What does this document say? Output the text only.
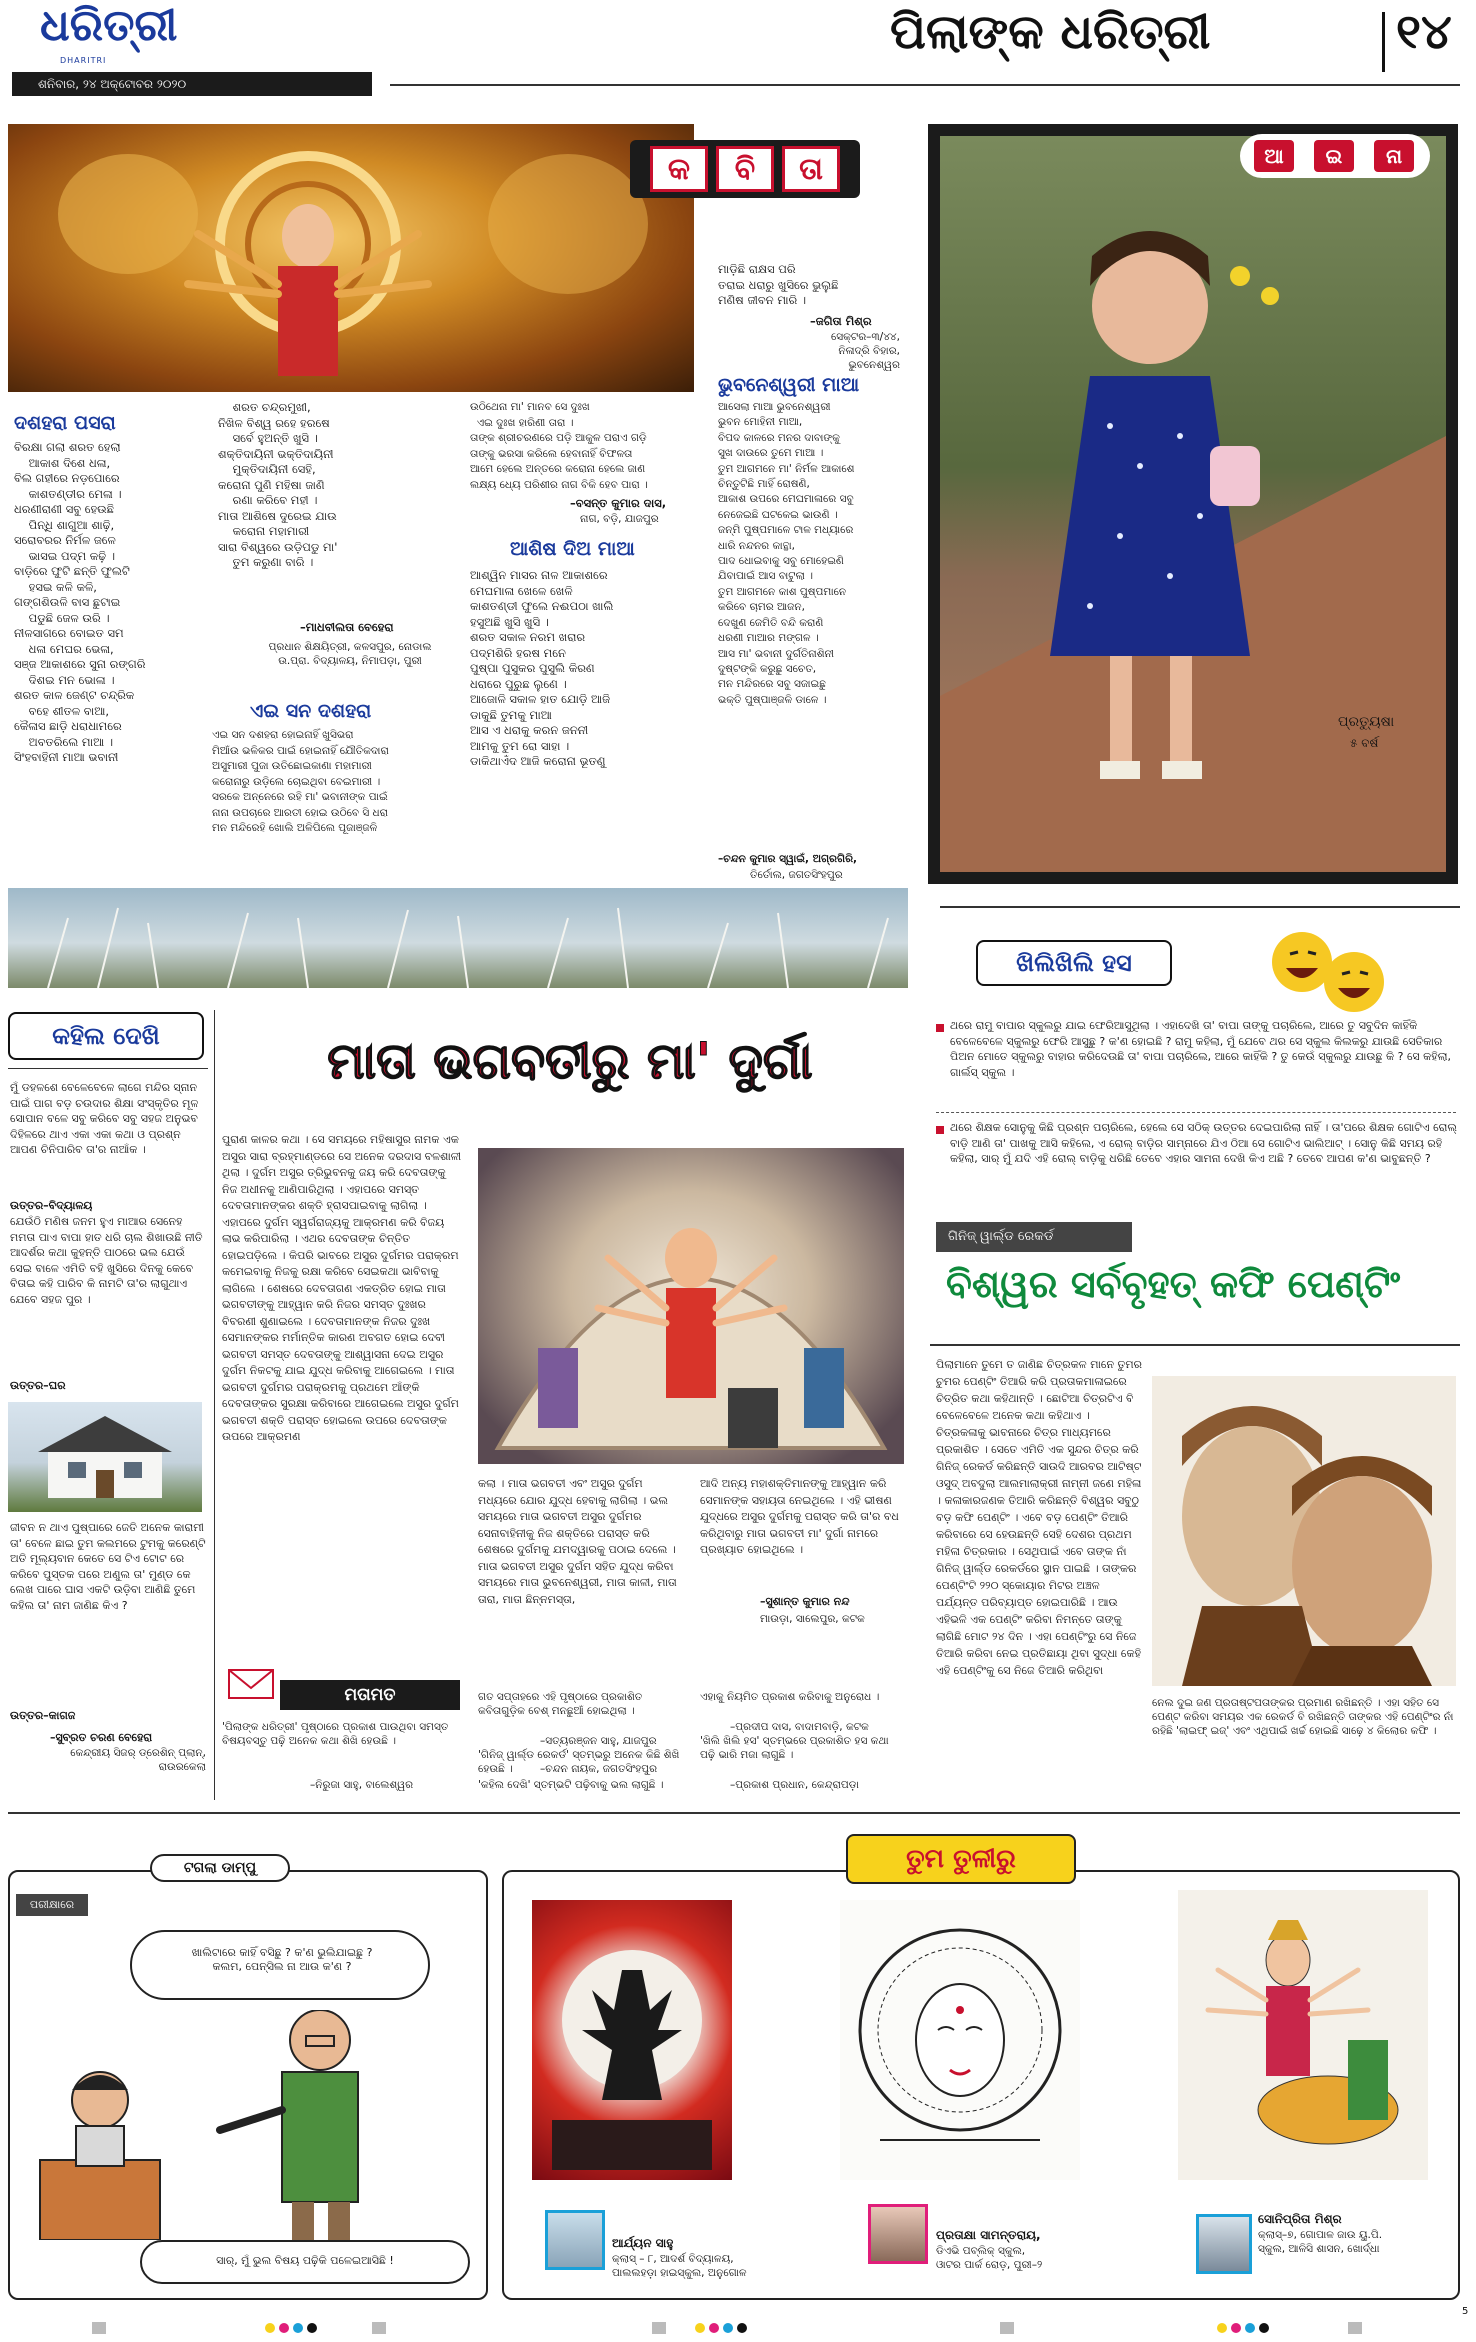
ଧରିତ୍ରୀ
DHARITRI
ଶନିବାର, ୨୪ ଅକ୍ଟୋବର ୨୦୨୦
ପିଲାଙ୍କ ଧରିତ୍ରୀ	୧୪
କ	ବି	ତା
ଦଶହରା ପସରା
ବିରକ୍ଷା ଗଲା ଶରତ ହେଲା
ଆକାଶ ଦିଶେ ଧଳା,
ବିଲ ଗହୀରେ ନଡ଼ପୋରେ
କାଶତଣ୍ଡୀର ମେଳା ।
ଧରଣୀରାଣୀ ସବୁ ହେଉଛି
ପିନ୍ଧି ଶାଗୁଆ ଶାଢ଼ି,
ସରୋବରର ନିର୍ମଳ ଜଳେ
ଭାସଇ ପଦ୍ମ କଢ଼ି ।
ବାଡ଼ିରେ ଫୁଟି ଛନ୍ତି ଫୁଲଟି
ହସଇ କଳି କଳି,
ଗଙ୍ଗଶିଉଳି ବାସ ଛୁଟାଇ
ପଡୁଛି ଜେଳ ଉରି ।
ନୀଳସାଗରେ ବୋଇତ ସମ
ଧଳା ମେଘର ଭେଳା,
ସଞ୍ଜ ଆକାଶରେ ସୁନା ରଙ୍ଗରି
ଦିଶଇ ମନ ଭୋଳା ।
ଶରତ କାଳ ଜେଣ୍ଟ ଚନ୍ଦ୍ରିକ
ବହେ ଶୀତଳ ବାଆ,
କୈଳାସ ଛାଡ଼ି ଧରାଧାମରେ
ଅବତରିଲେ ମାଆ ।
ସିଂହବାହିନୀ ମାଆ ଭବାନୀ
ଶରତ ଚନ୍ଦ୍ରମୁଖୀ,
ନିଖିଳ ବିଶ୍ୱ ରହେ ହରଷେ
ସର୍ବେ ହୁଅନ୍ତି ଖୁସି ।
ଶକ୍ତିଦାୟିନୀ ଭକ୍ତିଦାୟିନୀ
ମୁକ୍ତିଦାୟିନୀ ସେହି,
କରୋନା ପୁଣି ମହିଷା ଜାଣି
ରଣା କରିବେ ମହୀ ।
ମାତା ଆଶିଷେ ଦୁରେଇ ଯାଉ
କରୋନା ମହାମାରୀ
ସାରା ବିଶ୍ୱରେ ଉଡ଼ିପଡୁ ମା'
ତୁମ କରୁଣା ବାରି ।
–ମାଧବୀଲତା ବେହେରା
ପ୍ରଧାନ ଶିକ୍ଷୟିତ୍ରୀ, କଳସପୁର, ନୋଡାଲ
ଉ.ପ୍ରା. ବିଦ୍ୟାଳୟ, ନିମାପଡ଼ା, ପୁରୀ
ଏଇ ସନ ଦଶହରା
ଏଇ ସନ ଦଶହରା ହୋଇନାହିଁ ଖୁସିଭରା
ମିଆଁଉ ଭଳିକର ପାଇଁ ହୋଇନାହିଁ ଯୌତିକଦାରା
ଅସୁମାରୀ ପୁଜା ଉତିଛୋଇକାଣା ମହାମାରୀ
କରୋନାରୁ ଉଡ଼ିଲେ ଚୋଇଥିବା ବେଇମାରୀ ।
ସରକେ ଅନ୍ନେରେ ରହି ମା' ଭବାନୀଙ୍କ ପାଇଁ
ନାନା ଉପଚାରେ ଆରତୀ ହୋଇ ଉଠିବେ ସି ଧରା
ମନ ମନ୍ଦିରେହି ଖୋଲି ଅଳିପିଲେ ପୂଜାଞ୍ଜଳି
ଉଠିଥେନା ମା' ମାନବ ସେ ଦୁଃଖ
ଏଇ ଦୁଃଖ ହାରିଣୀ ତାରା ।
ତାଙ୍କ ଶ୍ରୀଚରଣରେ ପଡ଼ି ଆକୁଳ ପରାଏ ଗଡ଼ି
ତାଙ୍କୁ ଭରସା କରିଲେ ହେବାନାହିଁ ବିଫଳତା
ଆମେ ହେଲେ ଅନ୍ତରେ କରୋନା ହେଲେ ଜାଣ
ଲକ୍ଷ୍ୟ ଧ୍ୟେ ପରିଶୀର ନାଗ ବିକି ହେବ ପାରା ।
–ବସନ୍ତ କୁମାର ଦାସ,
ନାଗ, ବଡ଼ି, ଯାଜପୁର
ଆଶିଷ ଦିଅ ମାଆ
ଆଶ୍ୱିନ ମାସର ନାଳ ଆକାଶରେ
ମେଘମାଳା ଖେଳେ ଖେଳି
କାଶତଣ୍ଡୀ ଫୁଲେ ନଈପଠା ଖାଲି
ହସୁଅଛି ଖୁସି ଖୁସି ।
ଶରତ ସକାଳ ନରମ ଖରାର
ପଦ୍ମଶିରି ହରଷ ମନେ
ପୁଷ୍ପା ପୁସୁକର ପୁସୁଲି କିରଣ
ଧରାରେ ପୁରୁଛ ଲୁଣେ ।
ଆଜୋଳି ସକାଳ ହାତ ଯୋଡ଼ି ଆଜି
ଡାକୁଛି ତୁମକୁ ମାଆ
ଆସ ଏ ଧରାକୁ କରନ ଜନନୀ
ଆମକୁ ତୁମ ରୋ ସାହା ।
ଡାକିଥାଏଁଦ ଆଜି କରୋନା ଭୂତଣୁ
ମାଡ଼ିଛି ରାକ୍ଷସ ପରି
ତରାଇ ଧରାରୁ ଖୁସିରେ ଭୁଲୁଛି
ମଣିଷ ଜୀବନ ମାରି ।
–ଜଗିତା ମିଶ୍ର
ସେକ୍ଟର–୩/୪୪,
ନିଳାଦ୍ରି ବିହାର, ଭୁବନେଶ୍ୱର
ଭୁବନେଶ୍ୱରୀ ମାଆ
ଆସେଲା ମାଆ ଭୁବନେଶ୍ୱରୀ
ଭୁବନ ମୋହିନୀ ମାଆ,
ବିପଦ କାଳରେ ମନର ଦାବାଙ୍କୁ
ସୁଖ ଦାଉରେ ତୁମେ ମାଆ ।
ତୁମ ଆଗମନେ ମା' ନିର୍ମଳ ଆକାଶେ
ଚିନ୍ତୁଟିଛି ମାହିଁ ରୋଷଣି,
ଆକାଶ ଉପରେ ମେଘମାଳାରେ ସବୁ
ନେଜେଇଛି ଘଟକେଇ ଭାଉଣି ।
ଜନ୍ମି ପୁଷ୍ପମାଳେ ଟାଳ ମଧ୍ୟାରେ
ଧାରି ନନ୍ଦନର କାନ୍ଥା,
ପାଦ ଧୋଇବାକୁ ସବୁ ମୋହେଇଣି
ଯିବାପାଇଁ ଆସ ବାଟୁଲା ।
ତୁମ ଆଗମନେ କାଶ ପୁଷ୍ପମାନେ
କରିବେ ଚାମର ଆଜନ,
ଦେଖୁଣ ଜେମିତି ବନ୍ଦି କରାଣି
ଧରଣୀ ମାଆର ମଙ୍ଗଳ ।
ଆସ ମା' ଭବାନୀ ଦୁର୍ଗତିନାଶିନୀ
ଦୁଷ୍ଟଙ୍କି କରୁଛୁ ସଚେତ,
ମନ ମନ୍ଦିରରେ ସବୁ ସଜାଇଛୁ
ଭକ୍ତି ପୁଷ୍ପାଞ୍ଜଳି ଡାଳେ ।
–ଚନ୍ଦନ କୁମାର ସ୍ୱାଇଁ, ଅଗ୍ରଗିରି,
ତିର୍ତୋଲ, ଜଗତସିଂହପୁର
ଆ	ଇ	ନା
ପ୍ରତ୍ୟୁଷା
୫ ବର୍ଷ
ଖିଲିଖିଲି ହସ
ଥରେ ରାମୁ ବାପାର ସ୍କୁଲରୁ ଯାଇ ଫେରିଆସୁଥିଲା । ଏହାଦେଖି ତା' ବାପା ତାଙ୍କୁ ପଚାରିଲେ, ଆରେ ତୁ ସବୁଦିନ କାହିଁକି ବେଳେବେଳେ ସ୍କୁଲରୁ ଫେରି ଆସୁଛୁ ? କ'ଣ ହୋଇଛି ? ରାମୁ କହିଲା, ମୁଁ ଯେବେ ଥର ସେ ସ୍କୁଲ କିଲକରୁ ଯାଉଛି ସେତିକାର ପିଅନ ମୋତେ ସ୍କୁଲରୁ ବାହାର କରିଦେଉଛି ତା' ବାପା ପଚାରିଲେ, ଆରେ କାହିଁକି ? ତୁ କେଉଁ ସ୍କୁଲରୁ ଯାଉଛୁ କି ? ସେ କହିଲା, ଗାର୍ଲସ୍ ସ୍କୁଲ ।
ଥରେ ଶିକ୍ଷକ ସୋନୁକୁ କିଛି ପ୍ରଶ୍ନ ପଚାରିଲେ, ହେଲେ ସେ ସଠିକ୍ ଉତ୍ତର ଦେଇପାରିଲା ନାହିଁ । ତା'ପରେ ଶିକ୍ଷକ ଗୋଟିଏ ରୋଲ୍ ବାଡ଼ି ଆଣି ତା' ପାଖକୁ ଆସି କହିଲେ, ଏ ରୋଲ୍ ବାଡ଼ିର ସାମ୍ନାରେ ଯିଏ ଠିଆ ସେ ଗୋଟିଏ ଭାଲିଆଟ୍ । ସୋନୁ କିଛି ସମୟ ରହି କହିଲା, ସାର୍ ମୁଁ ଯଦି ଏହି ରୋଲ୍ ବାଡ଼ିକୁ ଧରିଛି ତେବେ ଏହାର ସାମନା ଦେଖି କିଏ ଅଛି ? ତେବେ ଆପଣ କ'ଣ ଭାବୁଛନ୍ତି ?
ଗିନିଜ୍ ୱାର୍ଲ୍ଡ ରେକର୍ଡ
ବିଶ୍ୱର ସର୍ବବୃହତ୍ କଫି ପେଣ୍ଟିଂ
ପିଲାମାନେ ତୁମେ ତ ଜାଣିଛ ଚିତ୍ରକଳ ମାନେ ତୁମର ଚୁମର ପେଣ୍ଟିଂ ତିଆରି କରି ପ୍ରତାକମାଳାଇରେ ଚିତ୍ରିତ କଥା କହିଥାନ୍ତି । ଛୋଟିଆ ଚିତ୍ରଟିଏ ବି ବେଳେବେଳେ ଅନେକ କଥା କହିଥାଏ । ଚିତ୍ରକଳାକୁ ଭାବନାରେ ଚିତ୍ର ମାଧ୍ୟମରେ ପ୍ରକାଶିତ । ସେତେ ଏମିତି ଏକ ସୁନ୍ଦର ଚିତ୍ର କରି ଗିନିଜ୍ ରେକର୍ଡ କରିଛନ୍ତି ସାଉଦି ଆରବର ଆଟିଷ୍ଟ ଓସୁଦ୍ ଅବଦୁଲା ଆଲମାଲାକ୍ରୀ ନାମ୍ନୀ ଜଣେ ମହିଳା । କଳାକାରଜଣକ ତିଆରି କରିଛନ୍ତି ବିଶ୍ୱର ସବୁଠୁ ବଡ଼ କଫି ପେଣ୍ଟିଂ । ଏବେ ବଡ଼ ପେଣ୍ଟିଂ ତିଆରି କରିବାରେ ସେ ହେଉଛନ୍ତି ସେହି ଦେଶର ପ୍ରଥମ ମହିଳା ଚିତ୍ରକାର । ସେଥିପାଇଁ ଏବେ ତାଙ୍କ ନାଁ ଗିନିଜ୍ ୱାର୍ଲ୍ଡ ରେକର୍ଡରେ ସ୍ଥାନ ପାଇଛି । ତାଙ୍କର ପେଣ୍ଟିଂଟି ୨୨୦ ସ୍କୋୟାର ମିଟର ଅଞ୍ଚଳ ପର୍ଯ୍ୟନ୍ତ ପରିବ୍ୟାପ୍ତ ହୋଇପାରିଛି । ଆଉ ଏହିଭଳି ଏକ ପେଣ୍ଟିଂ କରିବା ନିମନ୍ତେ ତାଙ୍କୁ ଲାଗିଛି ମୋଟ ୨୪ ଦିନ । ଏହା ପେଣ୍ଟିଂରୁ ସେ ନିଜେ ତିଆରି କରିବା ନେଇ ପ୍ରତିଛାୟା ଥିବା ସୁଦ୍ଧା କେହି ଏହି ପେଣ୍ଟିଂକୁ ସେ ନିଜେ ତିଆରି କରିଥିବା
ନେଲ ଦୁଇ ଜଣ ପ୍ରତାଷ୍ଟପତାଙ୍କର ପ୍ରମାଣ ରଖିଛନ୍ତି । ଏହା ସହିତ ସେ ପେଣ୍ଟ କରିବା ସମୟର ଏକ ରେକର୍ଡ ବି ରଖିଛନ୍ତି ତାଙ୍କର ଏହି ପେଣ୍ଟିଂର ନାଁ ରହିଛି 'ଲାଇଫ୍ ଇଜ୍' ଏବଂ ଏଥିପାଇଁ ଖର୍ଚ୍ଚ ହୋଇଛି ସାଢ଼େ ୪ କିଲୋର କଫି ।
କହିଲ ଦେଖି
ମୁଁ ଡହଳଶେ ବେଳେବେଳେ ଲାଗେ ମନ୍ଦିର ସ୍ନାନ ପାଇଁ ପାଗ ବଡ଼ ଚଉଦାର ଶିକ୍ଷା ସଂସ୍କୃତିର ମୂଳ ସୋପାନ ବଳେ ସବୁ କରିବେ ସବୁ ସହଜ ଅନୁଭବ ଦିହିଳରେ ଥାଏ ଏକା ଏକା କଥା ଓ ପ୍ରଶ୍ନ ଆପଣ ଚିନିପାରିବ ତା'ର ନାଆଁକ ।
ଉତ୍ତର–ବିଦ୍ୟାଳୟ
ଯେଉଁଠି ମଣିଷ ଜନମ ହୁଏ ମାଆର ସେନେହ ମମତା ପାଏ ବାପା ହାତ ଧରି ଚାଲ ଶିଖାଉଛି ନୀତି ଆଦର୍ଶର କଥା କୁହନ୍ତି ପାଠରେ ଭଲ ଯେଉଁ ସେଇ ବାଳେ ଏମିତି ବହି ଖୁସିରେ ଦିନକୁ କେବେ ବିତାଇ କହି ପାରିବ କି ନାମଟି ତା'ର ଲାଗୁଥାଏ ଯେବେ ସହଜ ପୁର ।
ଉତ୍ତର–ଘର
ଜୀବନ ନ ଥାଏ ପୁଷ୍ପାରେ ଜେତି ଅନେକ କାରାମୀ ତା' ବେଳେ ଛାଇ ତୁମ କଲମରେ ଟୁମକୁ କରେଣ୍ଟି ଅତି ମୂଲ୍ୟବାନ କେତେ ସେ ଟିଏ ଟୋଟ ରେ କରିବେ ପୁସ୍ତକ ପରେ ଅଣୁଲ ତା' ମୁଣ୍ଡ କେ ଲେଖ ପାରେ ଘାସ ଏକଟି ଉଡ଼ିବା ଆଣିଛି ତୁମେ କହିଲ ତା' ନାମ ଜାଣିଛ କିଏ ?
ଉତ୍ତର–କାଗଜ
–ସୁବ୍ରତ ଚରଣ ବେହେରା
କେନ୍ଦ୍ରୀୟ ସିଜର୍ ଡ୍ରେଶିନ୍ ପ୍ଲାନ୍,
ରାଉରକେଲା
ମାତା ଭଗବତୀରୁ ମା' ଦୁର୍ଗା
ପୁରାଣ କାଳର କଥା । ସେ ସମୟରେ ମହିଷାସୁର ନାମକ ଏକ ଅସୁର ସାରା ବ୍ରହ୍ମାଣ୍ଡରେ ସେ ଅନେକ ଦରଦାସ ବଳଶାଳୀ ଥିଲା । ଦୁର୍ଗମ ଅସୁର ତ୍ରିଭୁବନକୁ ଜୟ କରି ଦେବତାଙ୍କୁ ନିଜ ଅଧୀନକୁ ଆଣିପାରିଥିଲା । ଏହାପରେ ସମସ୍ତ ଦେବତାମାନଙ୍କର ଶକ୍ତି ହ୍ରାସପାଇବାକୁ ଲାଗିଲା । ଏହାପରେ ଦୁର୍ଗମ ସ୍ୱର୍ଗରାଜ୍ୟକୁ ଆକ୍ରମଣ କରି ବିଜୟ ଲାଭ କରିପାରିଲା । ଏଥର ଦେବତାଙ୍କ ଚିନ୍ତିତ ହୋଇପଡ଼ିଲେ । କିପରି ଭାବରେ ଅସୁର ଦୁର୍ଗମର ପରାକ୍ରମ କମେଇବାକୁ ନିଜକୁ ରକ୍ଷା କରିବେ ସେଇକଥା ଭାବିବାକୁ ଲାଗିଲେ । ଶେଷରେ ଦେବତାଗଣ ଏକତ୍ରିତ ହୋଇ ମାତା ଭଗବତୀଙ୍କୁ ଆହ୍ୱାନ କରି ନିଜର ସମସ୍ତ ଦୁଃଖର ବିବରଣୀ ଶୁଣାଇଲେ । ଦେବତାମାନଙ୍କ ନିଜର ଦୁଃଖ ସେମାନଙ୍କର ମର୍ମାନ୍ତିକ କାରଣ ଅବଗତ ହୋଇ ଦେବୀ ଭଗବତୀ ସମସ୍ତ ଦେବତାଙ୍କୁ ଆଶ୍ୱାସନା ଦେଇ ଅସୁର ଦୁର୍ଗମ ନିକଟକୁ ଯାଇ ଯୁଦ୍ଧ କରିବାକୁ ଆଗେଇଲେ । ମାତା ଭଗବତୀ ଦୁର୍ଗମର ପରାକ୍ରମକୁ ପ୍ରଥମେ ଆଁଙ୍କି ଦେବତାଙ୍କର ସୁରକ୍ଷା କରିବାରେ ଆଗେଇଲେ ଅସୁର ଦୁର୍ଗମ ଭଗବତୀ ଶକ୍ତି ପରାସ୍ତ ହୋଇଲେ ଉପରେ ଦେବତାଙ୍କ ଉପରେ ଆକ୍ରମଣ
କଲା । ମାତା ଭଗବତୀ ଏବଂ ଅସୁର ଦୁର୍ଗମ ମଧ୍ୟରେ ଯୋର ଯୁଦ୍ଧ ହେବାକୁ ଲାଗିଲା । ଭଲ ସମୟରେ ମାତା ଭଗବତୀ ଅସୁର ଦୁର୍ଗମର ସେନାବାହିନୀକୁ ନିଜ ଶକ୍ତିରେ ପରାସ୍ତ କରି ଶେଷରେ ଦୁର୍ଗମକୁ ଯମଦ୍ୱାରକୁ ପଠାଇ ଦେଲେ । ମାତା ଭଗବତୀ ଅସୁର ଦୁର୍ଗମ ସହିତ ଯୁଦ୍ଧ କରିବା ସମୟରେ ମାତା ଭୁବନେଶ୍ୱରୀ, ମାତା କାଳୀ, ମାତା ତାରା, ମାତା ଛିନ୍ନମସ୍ତା,
ଆଦି ଅନ୍ୟ ମହାଶକ୍ତିମାନଙ୍କୁ ଆହ୍ୱାନ କରି ସେମାନଙ୍କ ସହାୟତା ନେଇଥିଲେ । ଏହି ଭୀଷଣ ଯୁଦ୍ଧରେ ଅସୁର ଦୁର୍ଗମକୁ ପରାସ୍ତ କରି ତା'ର ବଧ କରିଥିବାରୁ ମାତା ଭଗବତୀ ମା' ଦୁର୍ଗା ନାମରେ ପ୍ରଖ୍ୟାତ ହୋଇଥିଲେ ।
–ସୁଶାନ୍ତ କୁମାର ନନ୍ଦ
ମାଉଡ଼ା, ସାଲେପୁର, କଟକ
ମତାମତ
'ପିଲାଙ୍କ ଧରିତ୍ରୀ' ପୃଷ୍ଠାରେ ପ୍ରକାଶ ପାଉଥିବା ସମସ୍ତ ବିଷୟବସ୍ତୁ ପଢ଼ି ଅନେକ କଥା ଶିଖି ହେଉଛି ।
–ନିରୁଜା ସାହୁ, ବାଲେଶ୍ୱର
ଗତ ସପ୍ତାହରେ ଏହି ପୃଷ୍ଠାରେ ପ୍ରକାଶିତ କବିତାଗୁଡ଼ିକ ବେଶ୍ ମନଛୁଆଁ ହୋଇଥିଲା ।
–ସତ୍ୟରଞ୍ଜନ ସାହୁ, ଯାଜପୁର
'ଗିନିଜ୍ ୱାର୍ଲ୍ଡ ରେକର୍ଡ' ସ୍ତମ୍ଭରୁ ଅନେକ କିଛି ଶିଖି ହେଉଛି ।	–ଚନ୍ଦନ ନାୟକ, ଜଗତସିଂହପୁର
'କହିଲ ଦେଖି' ସ୍ତମ୍ଭଟି ପଢ଼ିବାକୁ ଭଲ ଲାଗୁଛି ।
ଏହାକୁ ନିୟମିତ ପ୍ରକାଶ କରିବାକୁ ଅନୁରୋଧ ।
–ପ୍ରଦୀପ ଦାସ, ବାଦାମବାଡ଼ି, କଟକ
'ଖିଲି ଖିଲି ହସ' ସ୍ତମ୍ଭରେ ପ୍ରକାଶିତ ହସ କଥା ପଢ଼ି ଭାରି ମଜା ଲାଗୁଛି ।
–ପ୍ରକାଶ ପ୍ରଧାନ, କେନ୍ଦ୍ରାପଡ଼ା
ଟଗଲା ଡାମ୍ପୁ
ପରୀକ୍ଷାରେ
ଖାଲିଟାରେ କାହିଁ ବସିଛୁ ? କ'ଣ ଭୁଲିଯାଇଛୁ ?
କଲମ, ପେନ୍ସିଲ ନା ଆଉ କ'ଣ ?
ସାର୍, ମୁଁ ଭୁଲ ବିଷୟ ପଢ଼ିକି ପଳେଇଆସିଛି !
ତୁମ ତୁଳୀରୁ
ଆର୍ଯ୍ୟନ ସାହୁ
କ୍ଲାସ୍ – ୮, ଆଦର୍ଶ ବିଦ୍ୟାଳୟ,
ପାଲଲହଡ଼ା ହାଇସ୍କୁଲ, ଅନୁଗୋଳ
ପ୍ରତାକ୍ଷା ସାମନ୍ତରାୟ,
ଡିଏଭି ପବ୍ଲିକ୍ ସ୍କୁଲ,
ଓାଟର ପାର୍କ ରୋଡ଼, ପୁରୀ–୨
ସୋନିପ୍ରିତା ମିଶ୍ର
କ୍ଲାସ୍–୭, ଗୋପାଳ ଜାଉ ୟୁ.ପି.
ସ୍କୁଲ, ଆଳିସି ଶାସନ, ଖୋର୍ଦ୍ଧା
5
